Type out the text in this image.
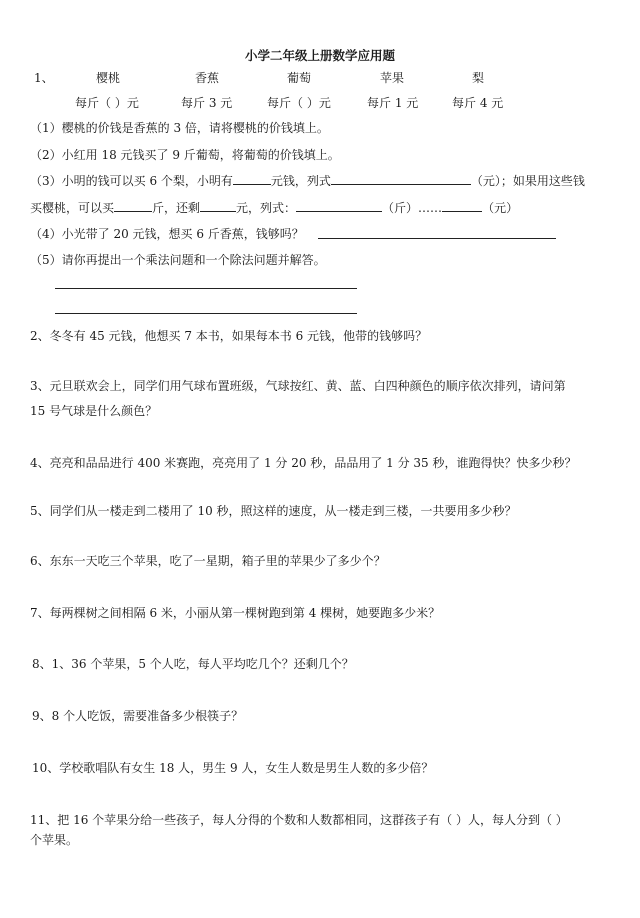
小学二年级上册数学应用题
1、	樱桃	香蕉	葡萄	苹果	梨
每斤（ ）元	每斤 3 元	每斤（ ）元	每斤 1 元	每斤 4 元
（1）樱桃的价钱是香蕉的 3 倍，请将樱桃的价钱填上。
（2）小红用 18 元钱买了 9 斤葡萄，将葡萄的价钱填上。
（3）小明的钱可以买 6 个梨，小明有	元钱，列式	（元）；如果用这些钱
买樱桃，可以买	斤，还剩	元，列式：	（斤）……	（元）
（4）小光带了 20 元钱，想买 6 斤香蕉，钱够吗？
（5）请你再提出一个乘法问题和一个除法问题并解答。
2、冬冬有 45 元钱，他想买 7 本书，如果每本书 6 元钱，他带的钱够吗？
3、元旦联欢会上，同学们用气球布置班级，气球按红、黄、蓝、白四种颜色的顺序依次排列，请问第
15 号气球是什么颜色？
4、亮亮和品品进行 400 米赛跑，亮亮用了 1 分 20 秒，品品用了 1 分 35 秒，谁跑得快？快多少秒？
5、同学们从一楼走到二楼用了 10 秒，照这样的速度，从一楼走到三楼，一共要用多少秒？
6、东东一天吃三个苹果，吃了一星期，箱子里的苹果少了多少个？
7、每两棵树之间相隔 6 米，小丽从第一棵树跑到第 4 棵树，她要跑多少米？
8、1、36 个苹果，5 个人吃，每人平均吃几个？还剩几个？
9、8 个人吃饭，需要准备多少根筷子？
10、学校歌唱队有女生 18 人，男生 9 人，女生人数是男生人数的多少倍？
11、把 16 个苹果分给一些孩子，每人分得的个数和人数都相同，这群孩子有（ ）人，每人分到（ ）
个苹果。
